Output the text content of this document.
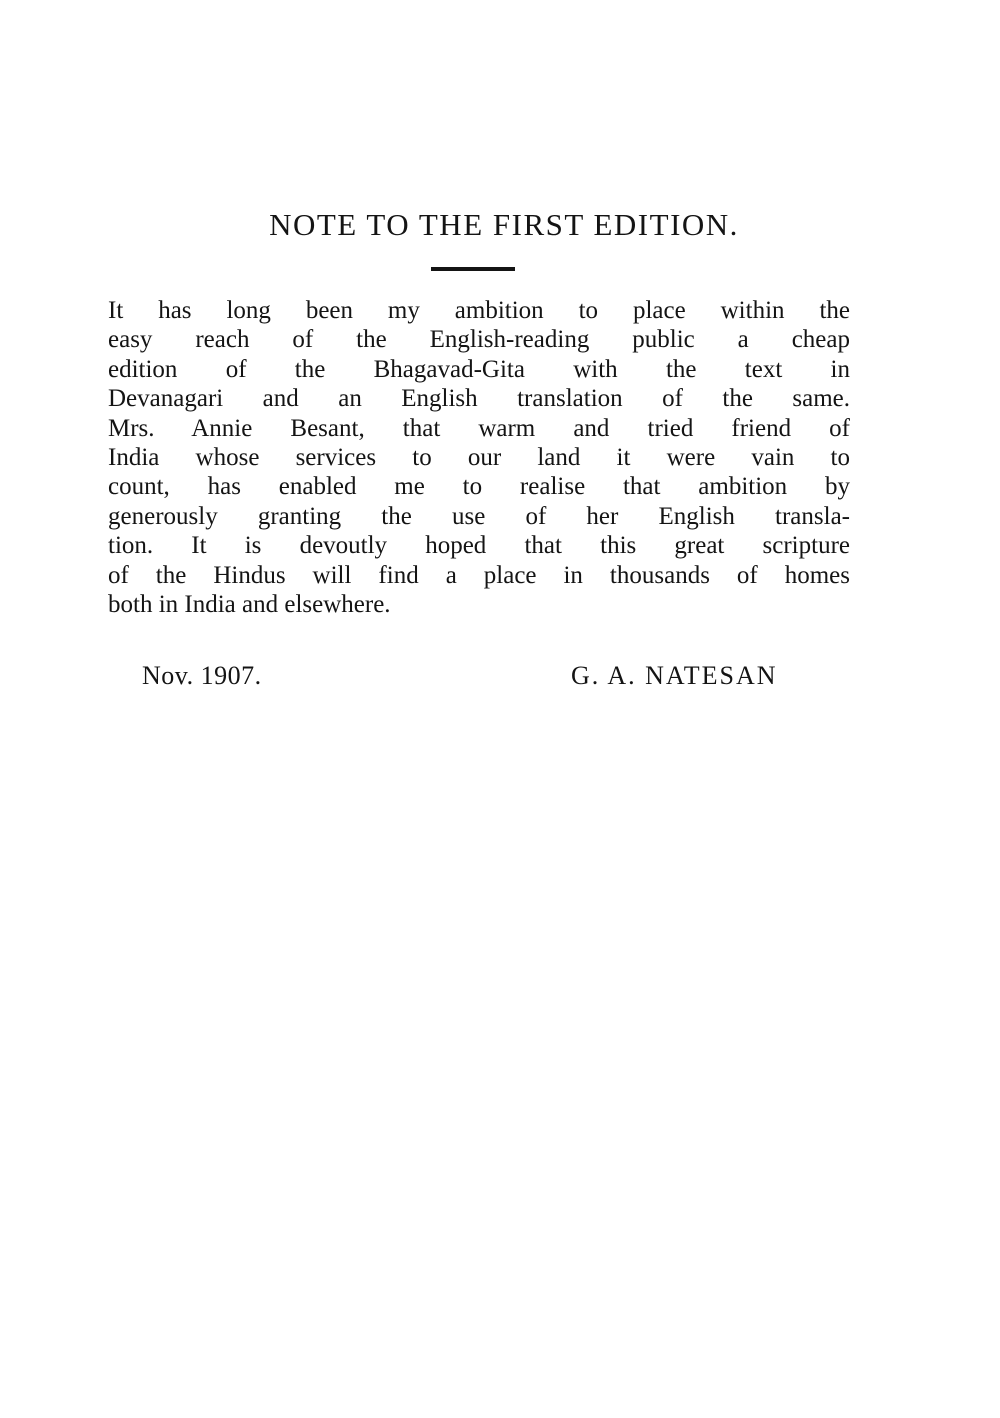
NOTE TO THE FIRST EDITION.
It has long been my ambition to place within the
easy reach of the English-reading public a cheap
edition of the Bhagavad-Gita with the text in
Devanagari and an English translation of the same.
Mrs. Annie Besant, that warm and tried friend of
India whose services to our land it were vain to
count, has enabled me to realise that ambition by
generously granting the use of her English transla-
tion. It is devoutly hoped that this great scripture
of the Hindus will find a place in thousands of homes
both in India and elsewhere.
Nov. 1907.	G. A. NATESAN
